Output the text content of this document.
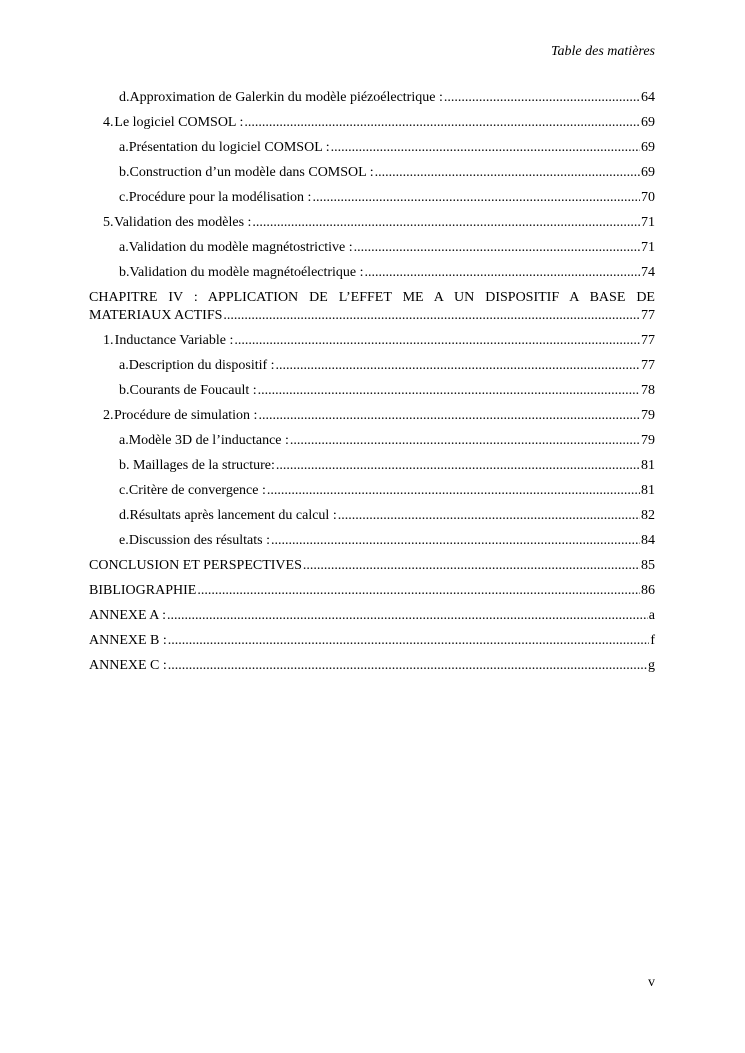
Table des matières
d. Approximation de Galerkin du modèle piézoélectrique : .....	64
4. Le logiciel COMSOL : .....	69
a. Présentation du logiciel COMSOL : .....	69
b. Construction d’un modèle dans COMSOL : .....	69
c. Procédure pour la modélisation : .....	70
5. Validation des modèles : .....	71
a. Validation du modèle magnétostrictive : .....	71
b. Validation du modèle magnétoélectrique : .....	74
CHAPITRE IV : APPLICATION DE L’EFFET ME A UN DISPOSITIF A BASE DE
MATERIAUX ACTIFS .....	77
1. Inductance Variable : .....	77
a. Description du dispositif : .....	77
b. Courants de Foucault : .....	78
2. Procédure de simulation : .....	79
a. Modèle 3D de l’inductance : .....	79
b. Maillages de la structure: .....	81
c. Critère de convergence : .....	81
d. Résultats après lancement du calcul : .....	82
e. Discussion des résultats : .....	84
CONCLUSION ET PERSPECTIVES .....	85
BIBLIOGRAPHIE .....	86
ANNEXE A : .....	a
ANNEXE B : .....	f
ANNEXE C : .....	g
v
